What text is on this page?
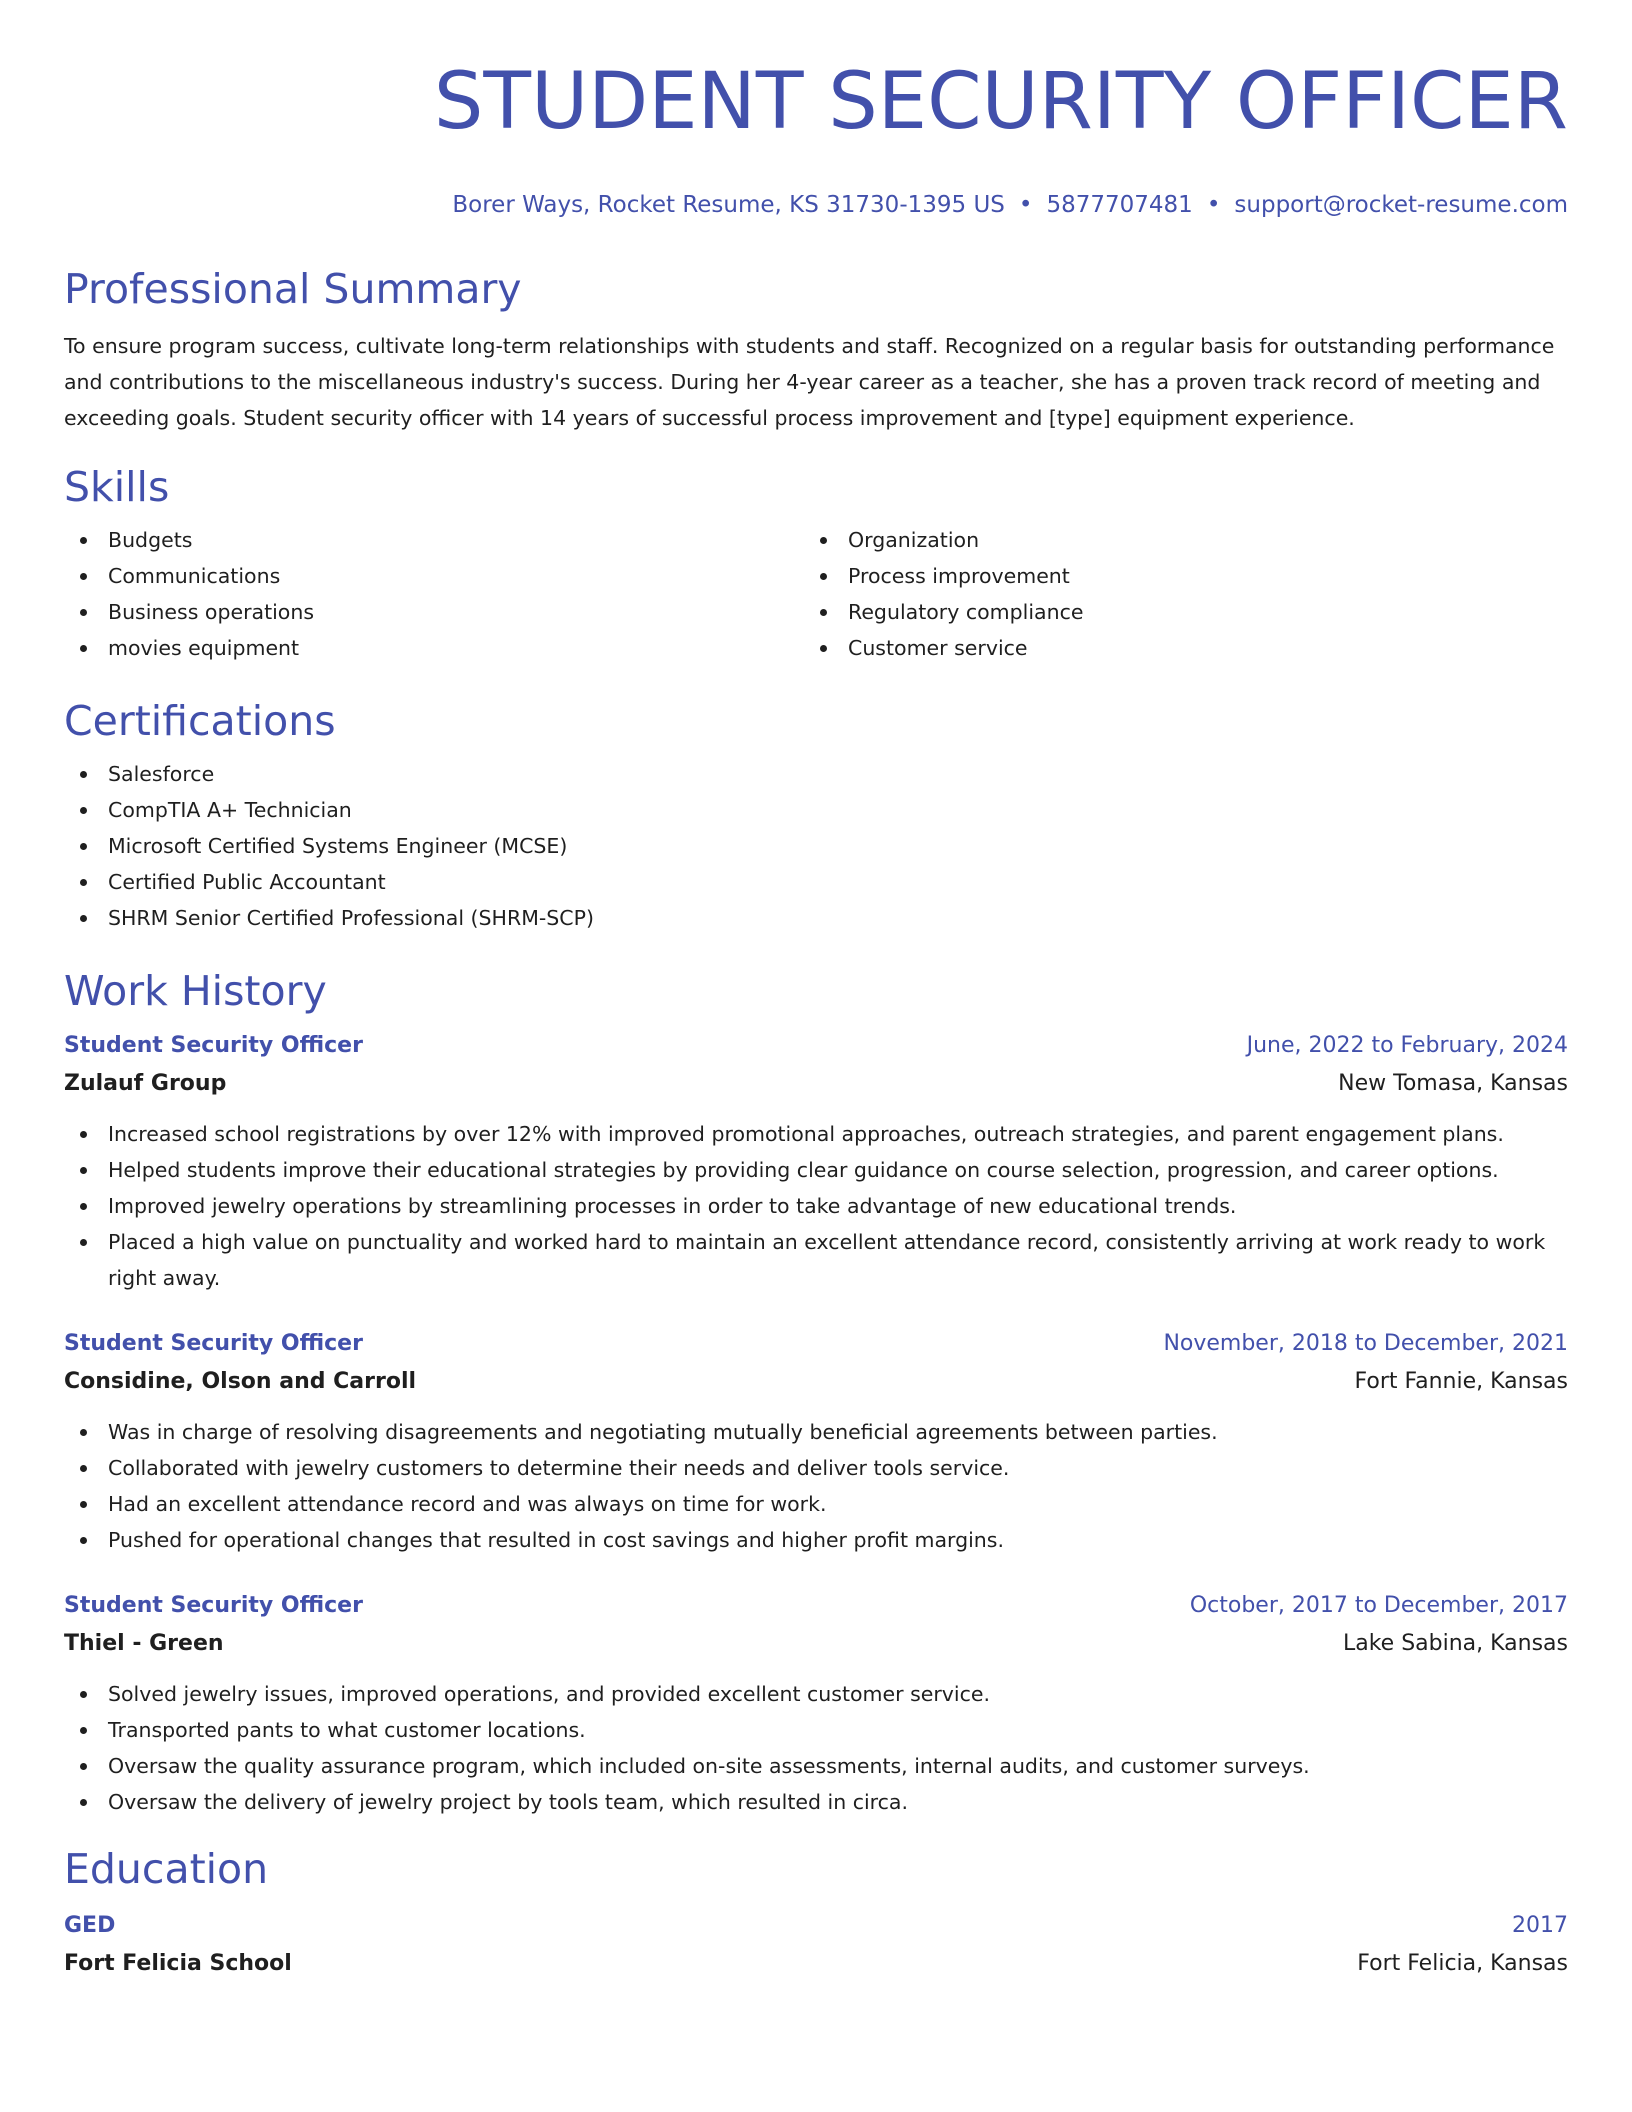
STUDENT SECURITY OFFICER
Borer Ways, Rocket Resume, KS 31730-1395 US • 5877707481 • support@rocket-resume.com
Professional Summary

To ensure program success, cultivate long-term relationships with students and staff. Recognized on a regular basis for outstanding performance and contributions to the miscellaneous industry's success. During her 4-year career as a teacher, she has a proven track record of meeting and exceeding goals. Student security officer with 14 years of successful process improvement and [type] equipment experience.

Skills
Budgets
Communications
Business operations
movies equipment
Organization
Process improvement
Regulatory compliance
Customer service
Certifications
Salesforce
CompTIA A+ Technician
Microsoft Certified Systems Engineer (MCSE)
Certified Public Accountant
SHRM Senior Certified Professional (SHRM-SCP)
Work History
Student Security Officer	June, 2022 to February, 2024
Zulauf Group	New Tomasa, Kansas
Increased school registrations by over 12% with improved promotional approaches, outreach strategies, and parent engagement plans.
Helped students improve their educational strategies by providing clear guidance on course selection, progression, and career options.
Improved jewelry operations by streamlining processes in order to take advantage of new educational trends.
Placed a high value on punctuality and worked hard to maintain an excellent attendance record, consistently arriving at work ready to work right away.
Student Security Officer	November, 2018 to December, 2021
Considine, Olson and Carroll	Fort Fannie, Kansas
Was in charge of resolving disagreements and negotiating mutually beneficial agreements between parties.
Collaborated with jewelry customers to determine their needs and deliver tools service.
Had an excellent attendance record and was always on time for work.
Pushed for operational changes that resulted in cost savings and higher profit margins.
Student Security Officer	October, 2017 to December, 2017
Thiel - Green	Lake Sabina, Kansas
Solved jewelry issues, improved operations, and provided excellent customer service.
Transported pants to what customer locations.
Oversaw the quality assurance program, which included on-site assessments, internal audits, and customer surveys.
Oversaw the delivery of jewelry project by tools team, which resulted in circa.
Education
GED	2017
Fort Felicia School	Fort Felicia, Kansas
